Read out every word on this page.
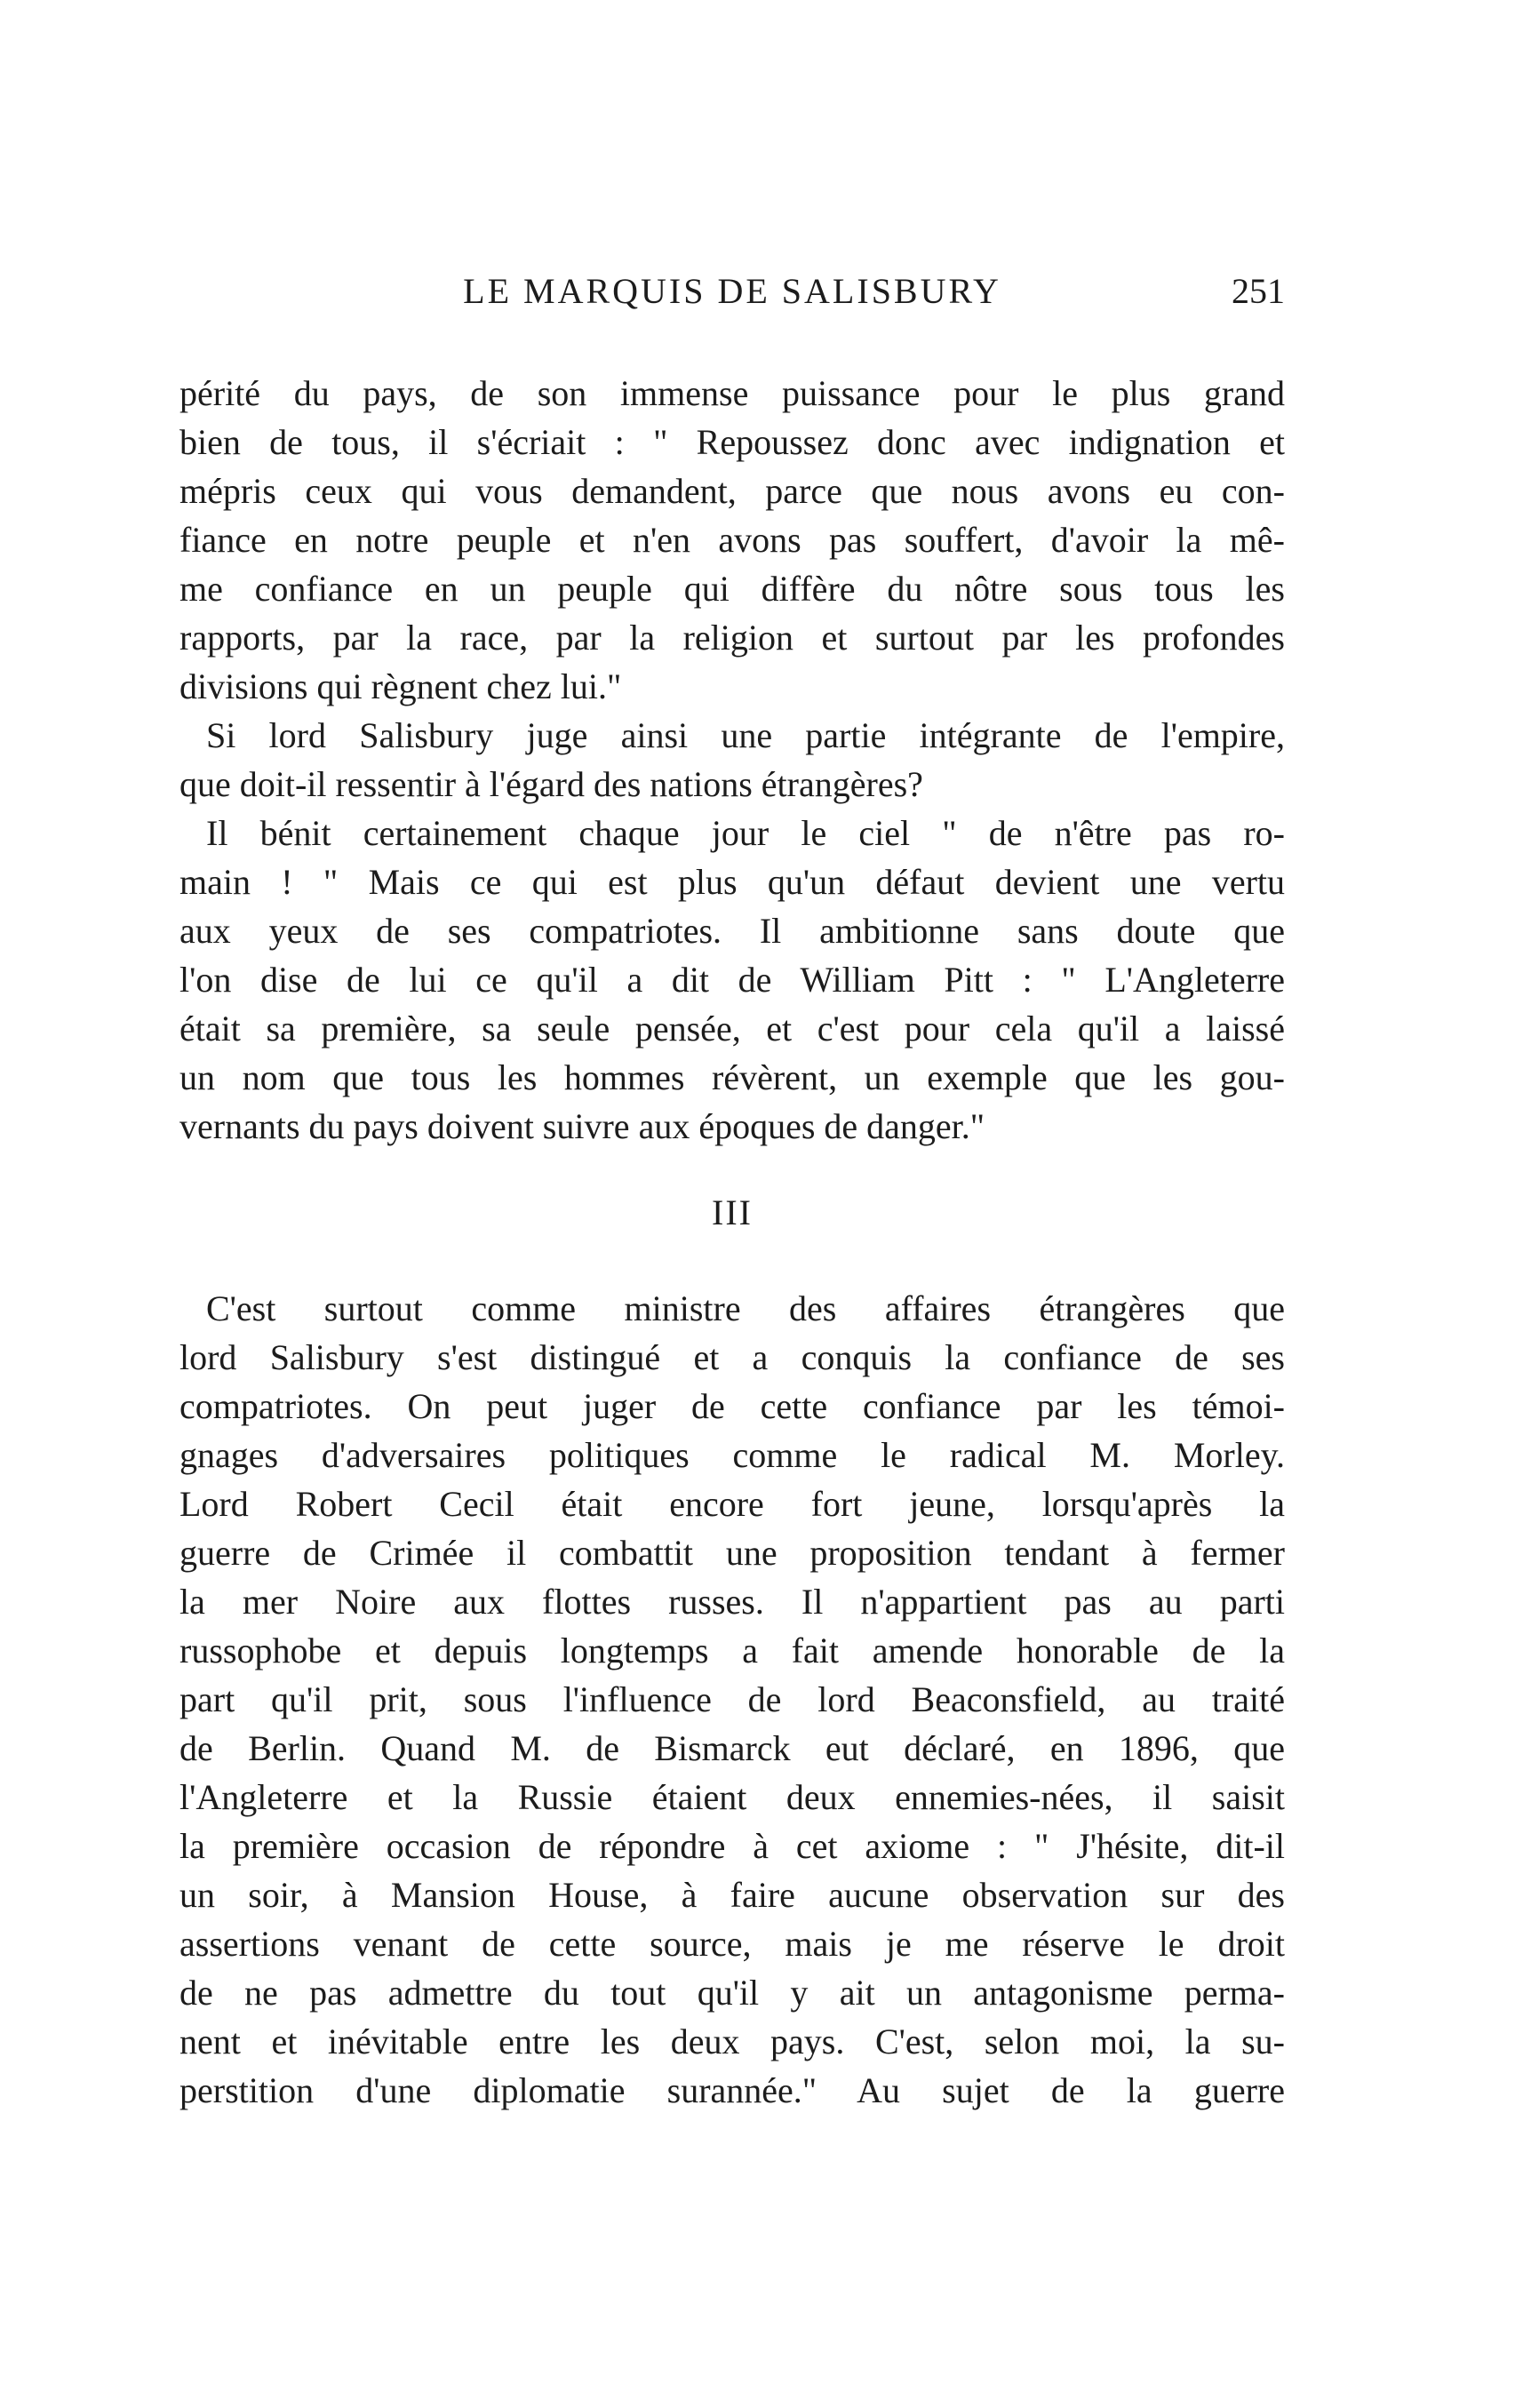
LE MARQUIS DE SALISBURY	251

périté du pays, de son immense puissance pour le plus grand
bien de tous, il s'écriait : " Repoussez donc avec indignation et
mépris ceux qui vous demandent, parce que nous avons eu con-
fiance en notre peuple et n'en avons pas souffert, d'avoir la mê-
me confiance en un peuple qui diffère du nôtre sous tous les
rapports, par la race, par la religion et surtout par les profondes
divisions qui règnent chez lui."

Si lord Salisbury juge ainsi une partie intégrante de l'empire,
que doit-il ressentir à l'égard des nations étrangères?

Il bénit certainement chaque jour le ciel " de n'être pas ro-
main ! " Mais ce qui est plus qu'un défaut devient une vertu
aux yeux de ses compatriotes. Il ambitionne sans doute que
l'on dise de lui ce qu'il a dit de William Pitt : " L'Angleterre
était sa première, sa seule pensée, et c'est pour cela qu'il a laissé
un nom que tous les hommes révèrent, un exemple que les gou-
vernants du pays doivent suivre aux époques de danger."

III

C'est surtout comme ministre des affaires étrangères que
lord Salisbury s'est distingué et a conquis la confiance de ses
compatriotes. On peut juger de cette confiance par les témoi-
gnages d'adversaires politiques comme le radical M. Morley.
Lord Robert Cecil était encore fort jeune, lorsqu'après la
guerre de Crimée il combattit une proposition tendant à fermer
la mer Noire aux flottes russes. Il n'appartient pas au parti
russophobe et depuis longtemps a fait amende honorable de la
part qu'il prit, sous l'influence de lord Beaconsfield, au traité
de Berlin. Quand M. de Bismarck eut déclaré, en 1896, que
l'Angleterre et la Russie étaient deux ennemies-nées, il saisit
la première occasion de répondre à cet axiome : " J'hésite, dit-il
un soir, à Mansion House, à faire aucune observation sur des
assertions venant de cette source, mais je me réserve le droit
de ne pas admettre du tout qu'il y ait un antagonisme perma-
nent et inévitable entre les deux pays. C'est, selon moi, la su-
perstition d'une diplomatie surannée." Au sujet de la guerre
